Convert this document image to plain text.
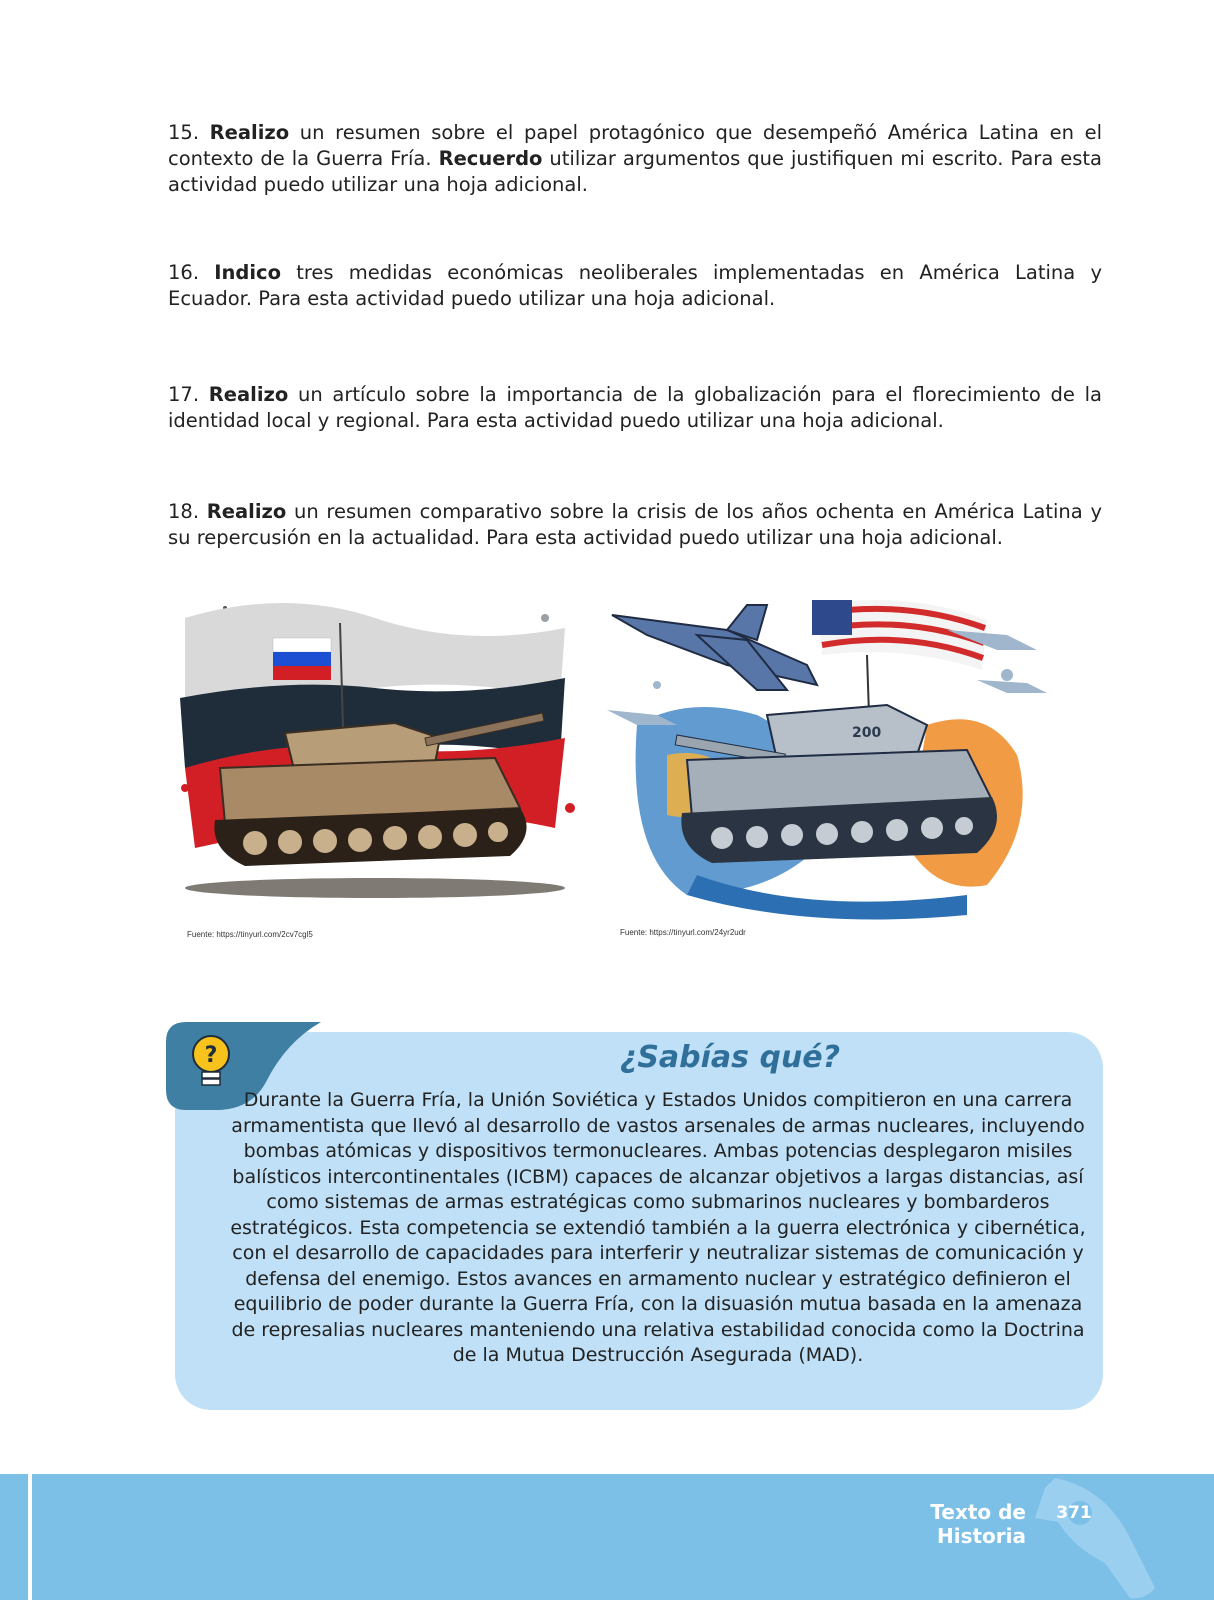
15. Realizo un resumen sobre el papel protagónico que desempeñó América Latina en el contexto de la Guerra Fría. Recuerdo utilizar argumentos que justifiquen mi escrito. Para esta actividad puedo utilizar una hoja adicional.

16. Indico tres medidas económicas neoliberales implementadas en América Latina y Ecuador. Para esta actividad puedo utilizar una hoja adicional.

17. Realizo un artículo sobre la importancia de la globalización para el florecimiento de la identidad local y regional. Para esta actividad puedo utilizar una hoja adicional.

18. Realizo un resumen comparativo sobre la crisis de los años ochenta en América Latina y su repercusión en la actualidad. Para esta actividad puedo utilizar una hoja adicional.

Fuente: https://tinyurl.com/2cv7cgl5
200
Fuente: https://tinyurl.com/24yr2udr
?	¿Sabías qué?

Durante la Guerra Fría, la Unión Soviética y Estados Unidos compitieron en una carrera armamentista que llevó al desarrollo de vastos arsenales de armas nucleares, incluyendo bombas atómicas y dispositivos termonucleares. Ambas potencias desplegaron misiles balísticos intercontinentales (ICBM) capaces de alcanzar objetivos a largas distancias, así como sistemas de armas estratégicas como submarinos nucleares y bombarderos estratégicos. Esta competencia se extendió también a la guerra electrónica y cibernética, con el desarrollo de capacidades para interferir y neutralizar sistemas de comunicación y defensa del enemigo. Estos avances en armamento nuclear y estratégico definieron el equilibrio de poder durante la Guerra Fría, con la disuasión mutua basada en la amenaza de represalias nucleares manteniendo una relativa estabilidad conocida como la Doctrina de la Mutua Destrucción Asegurada (MAD).

Texto de Historia
371
